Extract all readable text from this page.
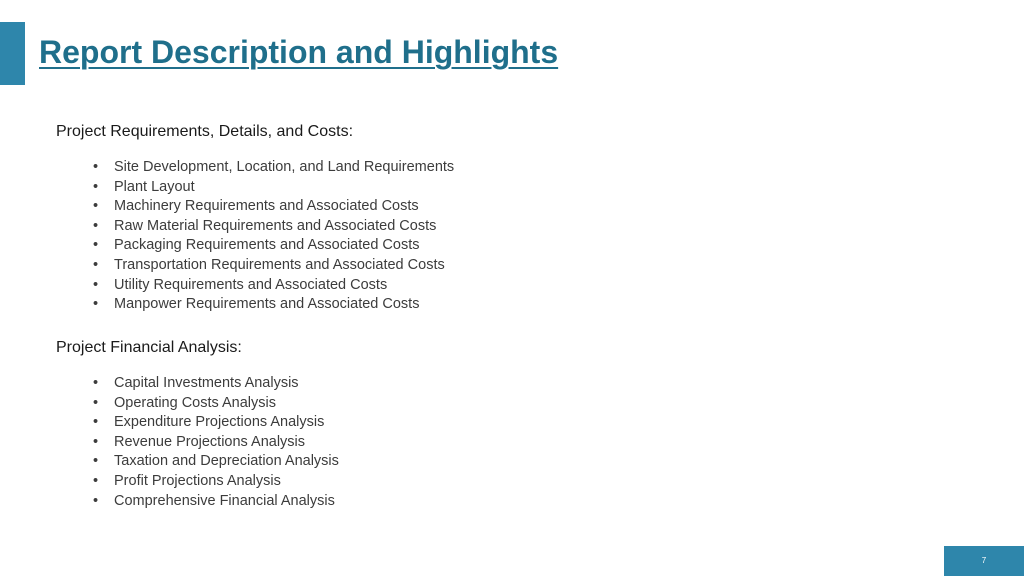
Report Description and Highlights
Project Requirements, Details, and Costs:
• Site Development, Location, and Land Requirements
• Plant Layout
• Machinery Requirements and Associated Costs
• Raw Material Requirements and Associated Costs
• Packaging Requirements and Associated Costs
• Transportation Requirements and Associated Costs
• Utility Requirements and Associated Costs
• Manpower Requirements and Associated Costs
Project Financial Analysis:
• Capital Investments Analysis
• Operating Costs Analysis
• Expenditure Projections Analysis
• Revenue Projections Analysis
• Taxation and Depreciation Analysis
• Profit Projections Analysis
• Comprehensive Financial Analysis
7
